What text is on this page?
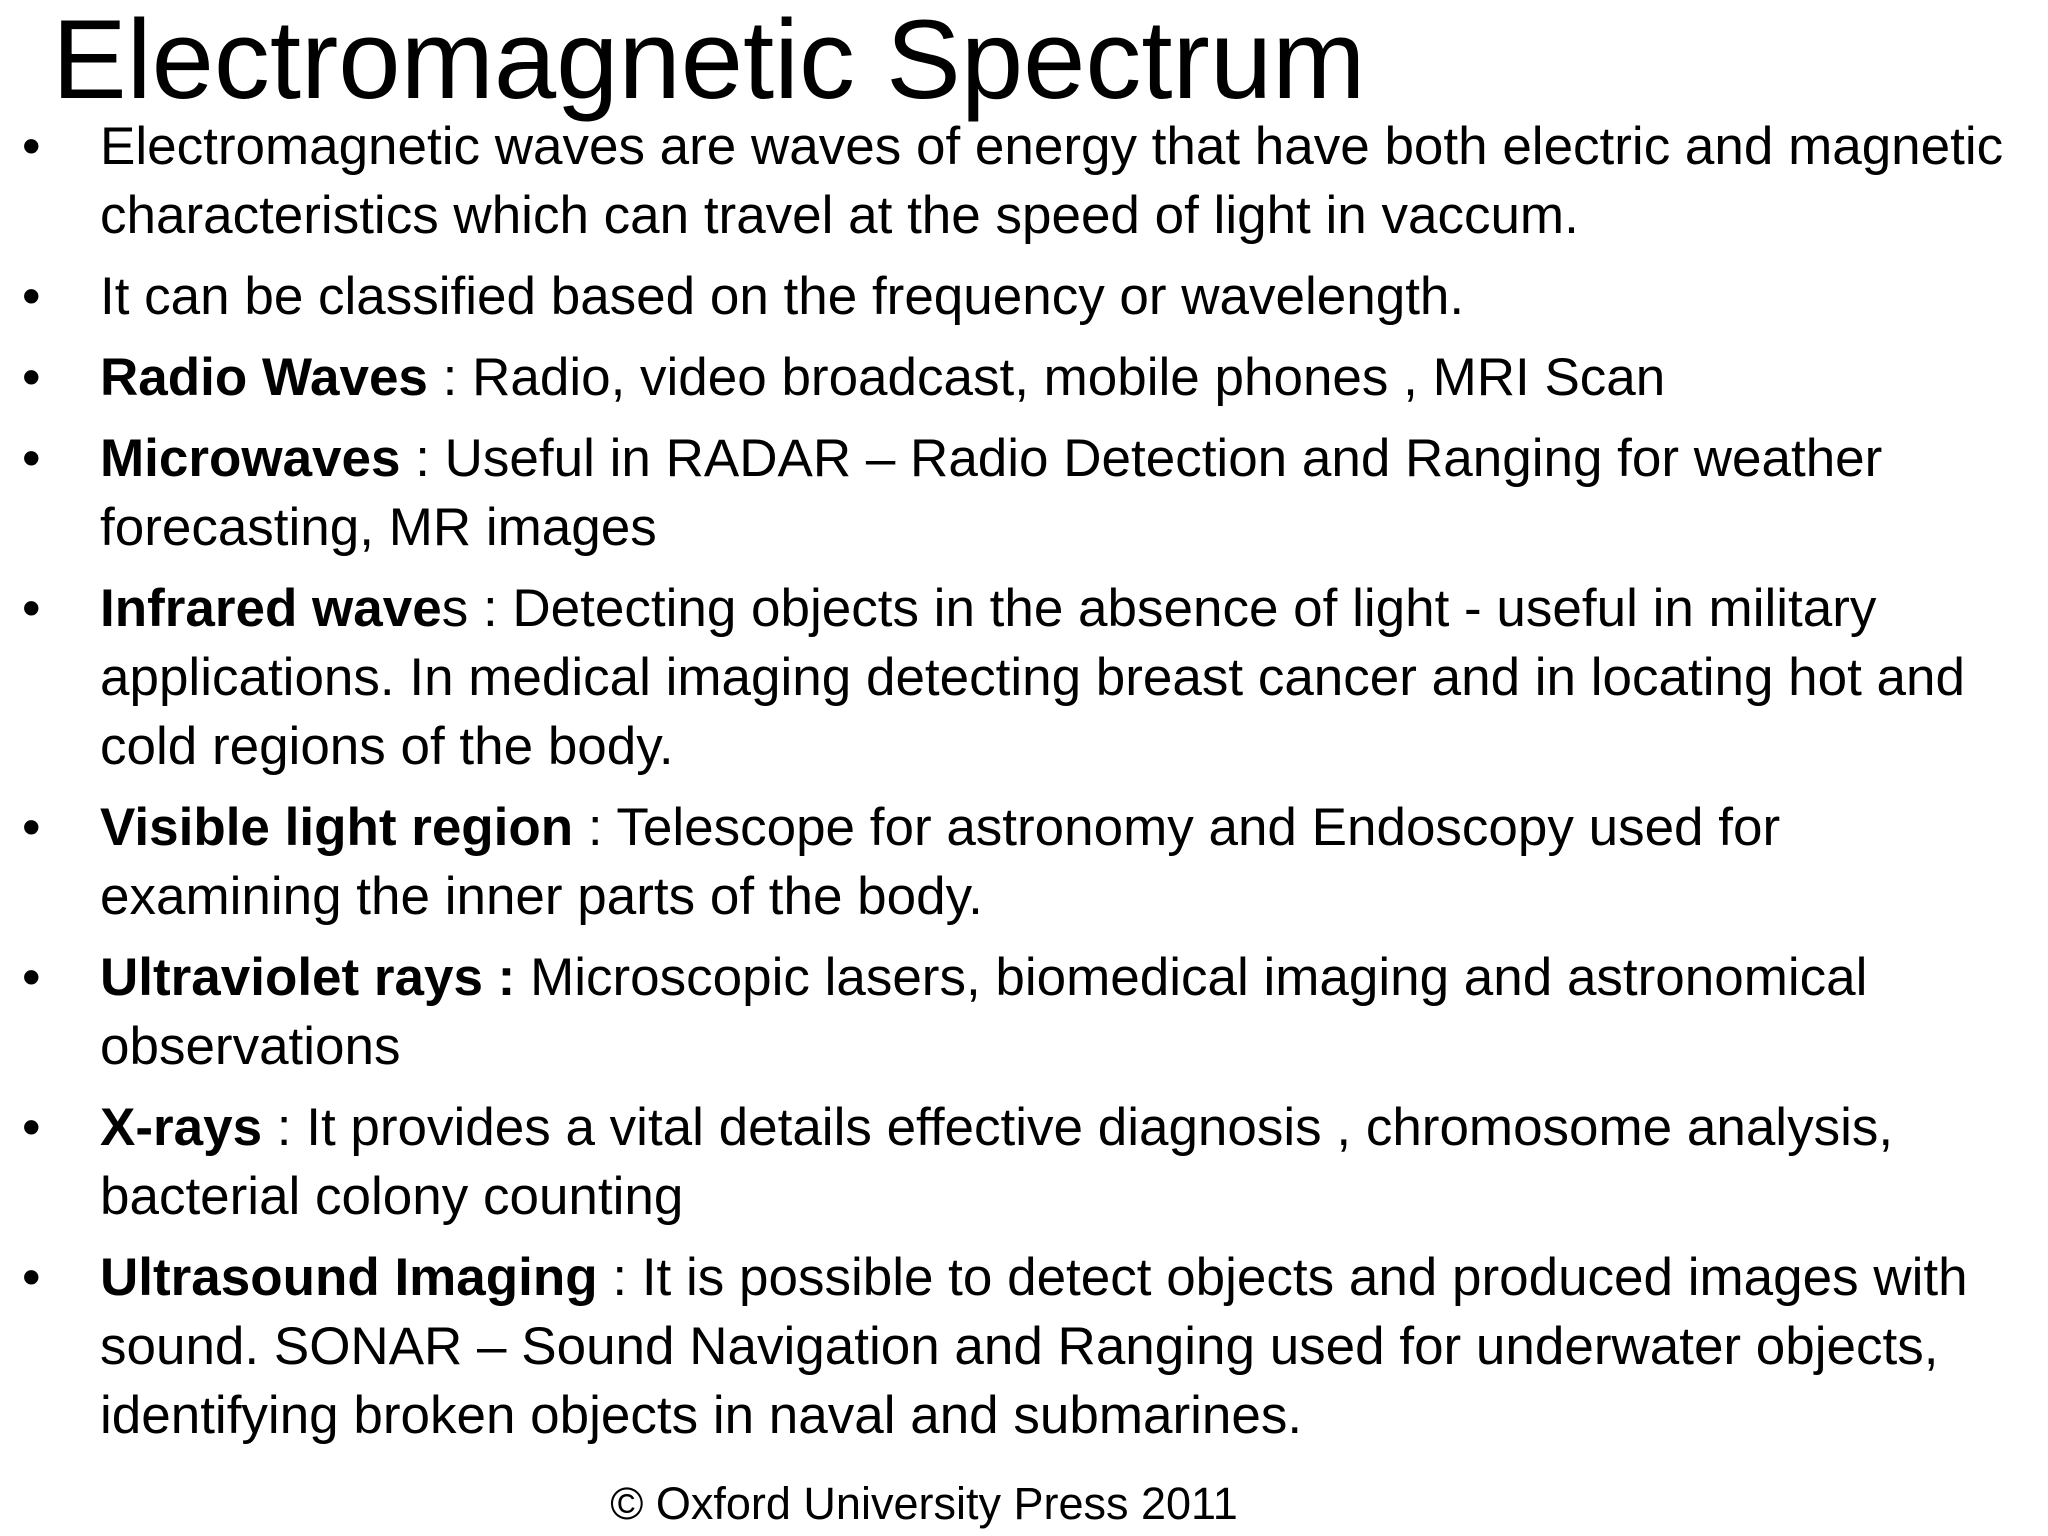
Electromagnetic Spectrum
•	Electromagnetic waves are waves of energy that have both electric and magnetic characteristics which can travel at the speed of light in vaccum.
•	It can be classified based on the frequency or wavelength.
•	Radio Waves : Radio, video broadcast, mobile phones , MRI Scan
•	Microwaves : Useful in RADAR – Radio Detection and Ranging for weather forecasting, MR images
•	Infrared waves : Detecting objects in the absence of light - useful in military applications. In medical imaging detecting breast cancer and in locating hot and cold regions of the body.
•	Visible light region : Telescope for astronomy and Endoscopy used for examining the inner parts of the body.
•	Ultraviolet rays : Microscopic lasers, biomedical imaging and astronomical observations
•	X-rays : It provides a vital details effective diagnosis , chromosome analysis, bacterial colony counting
•	Ultrasound Imaging : It is possible to detect objects and produced images with sound. SONAR – Sound Navigation and Ranging used for underwater objects, identifying broken objects in naval and submarines.
© Oxford University Press 2011
